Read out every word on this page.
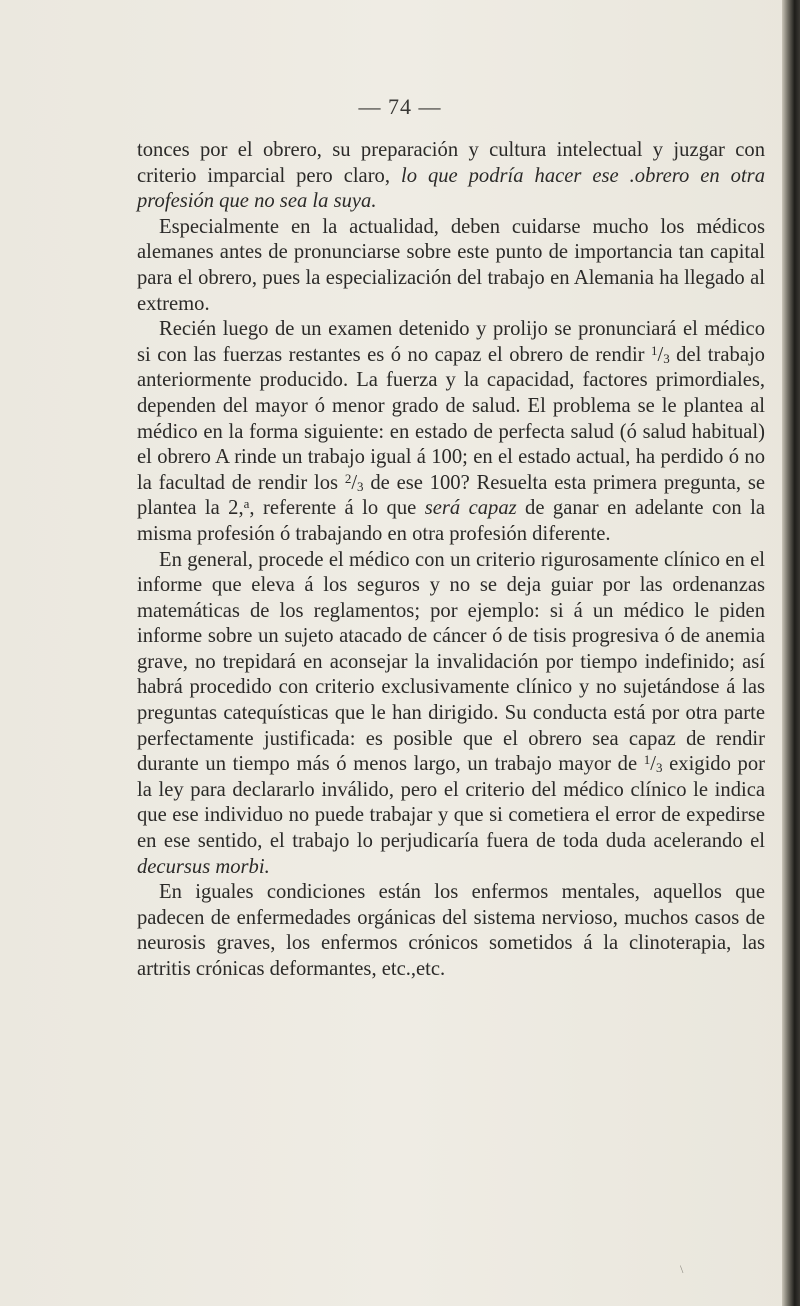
— 74 —

tonces por el obrero, su preparación y cultura intelectual y juzgar con criterio imparcial pero claro, lo que podría hacer ese .obrero en otra profesión que no sea la suya.

Especialmente en la actualidad, deben cuidarse mucho los médicos alemanes antes de pronunciarse sobre este punto de importancia tan capital para el obrero, pues la especialización del trabajo en Alemania ha llegado al extremo.

Recién luego de un examen detenido y prolijo se pronunciará el médico si con las fuerzas restantes es ó no capaz el obrero de rendir $^1/_3$ del trabajo anteriormente producido. La fuerza y la capacidad, factores primordiales, dependen del mayor ó menor grado de salud. El problema se le plantea al médico en la forma siguiente: en estado de perfecta salud (ó salud habitual) el obrero A rinde un trabajo igual á 100; en el estado actual, ha perdido ó no la facultad de rendir los $^2/_3$ de ese 100? Resuelta esta primera pregunta, se plantea la 2,$^a$, referente á lo que será capaz de ganar en adelante con la misma profesión ó trabajando en otra profesión diferente.

En general, procede el médico con un criterio rigurosamente clínico en el informe que eleva á los seguros y no se deja guiar por las ordenanzas matemáticas de los reglamentos; por ejemplo: si á un médico le piden informe sobre un sujeto atacado de cáncer ó de tisis progresiva ó de anemia grave, no trepidará en aconsejar la invalidación por tiempo indefinido; así habrá procedido con criterio exclusivamente clínico y no sujetándose á las preguntas catequísticas que le han dirigido. Su conducta está por otra parte perfectamente justificada: es posible que el obrero sea capaz de rendir durante un tiempo más ó menos largo, un trabajo mayor de $^1/_3$ exigido por la ley para declararlo inválido, pero el criterio del médico clínico le indica que ese individuo no puede trabajar y que si cometiera el error de expedirse en ese sentido, el trabajo lo perjudicaría fuera de toda duda acelerando el decursus morbi.

En iguales condiciones están los enfermos mentales, aquellos que padecen de enfermedades orgánicas del sistema nervioso, muchos casos de neurosis graves, los enfermos crónicos sometidos á la clinoterapia, las artritis crónicas deformantes, etc.,etc.

\
